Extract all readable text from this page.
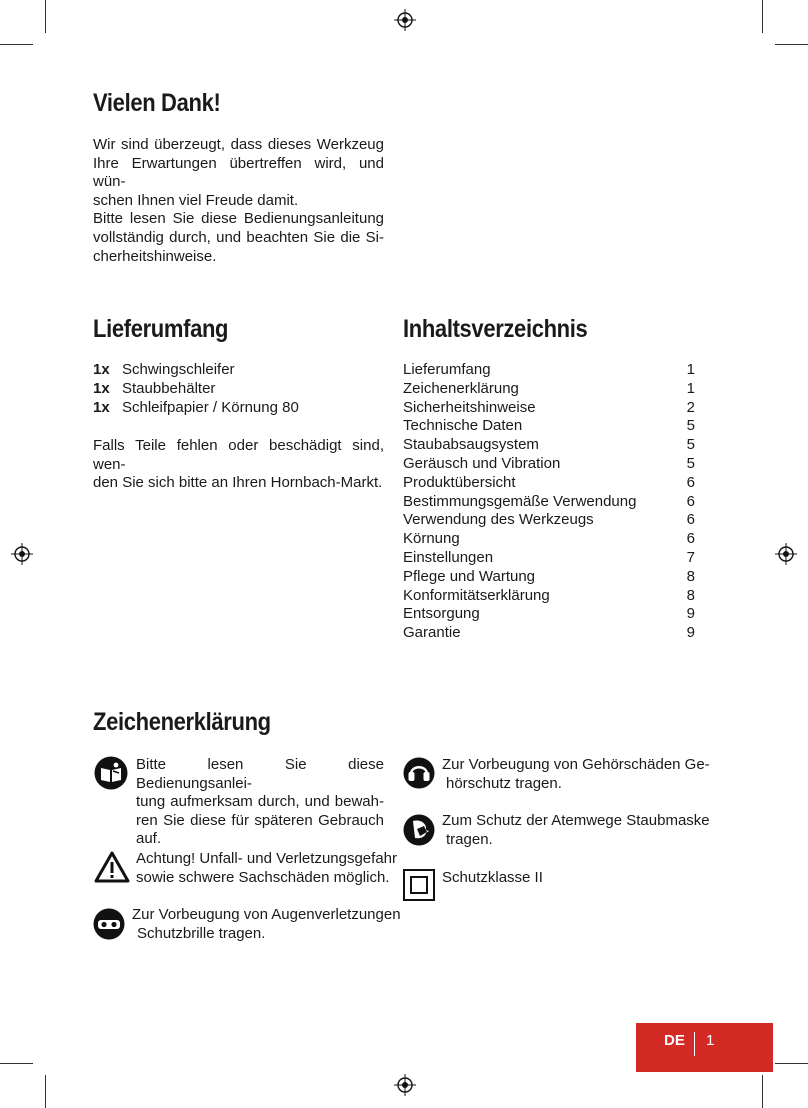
Vielen Dank!
Wir sind überzeugt, dass dieses Werkzeug
Ihre Erwartungen übertreffen wird, und wün-
schen Ihnen viel Freude damit.
Bitte lesen Sie diese Bedienungsanleitung
vollständig durch, und beachten Sie die Si-
cherheitshinweise.
Lieferumfang
1x Schwingschleifer
1x Staubbehälter
1x Schleifpapier / Körnung 80
Falls Teile fehlen oder beschädigt sind, wen-
den Sie sich bitte an Ihren Hornbach-Markt.
Inhaltsverzeichnis
Lieferumfang	1
Zeichenerklärung	1
Sicherheitshinweise	2
Technische Daten	5
Staubabsaugsystem	5
Geräusch und Vibration	5
Produktübersicht	6
Bestimmungsgemäße Verwendung	6
Verwendung des Werkzeugs	6
Körnung	6
Einstellungen	7
Pflege und Wartung	8
Konformitätserklärung	8
Entsorgung	9
Garantie	9
Zeichenerklärung
Bitte lesen Sie diese Bedienungsanlei-
tung aufmerksam durch, und bewah-
ren Sie diese für späteren Gebrauch
auf.
Achtung! Unfall- und Verletzungsgefahr
sowie schwere Sachschäden möglich.
Zur Vorbeugung von Augenverletzungen
Schutzbrille tragen.
Zur Vorbeugung von Gehörschäden Ge-
hörschutz tragen.
Zum Schutz der Atemwege Staubmaske
tragen.
Schutzklasse II
DE 1
